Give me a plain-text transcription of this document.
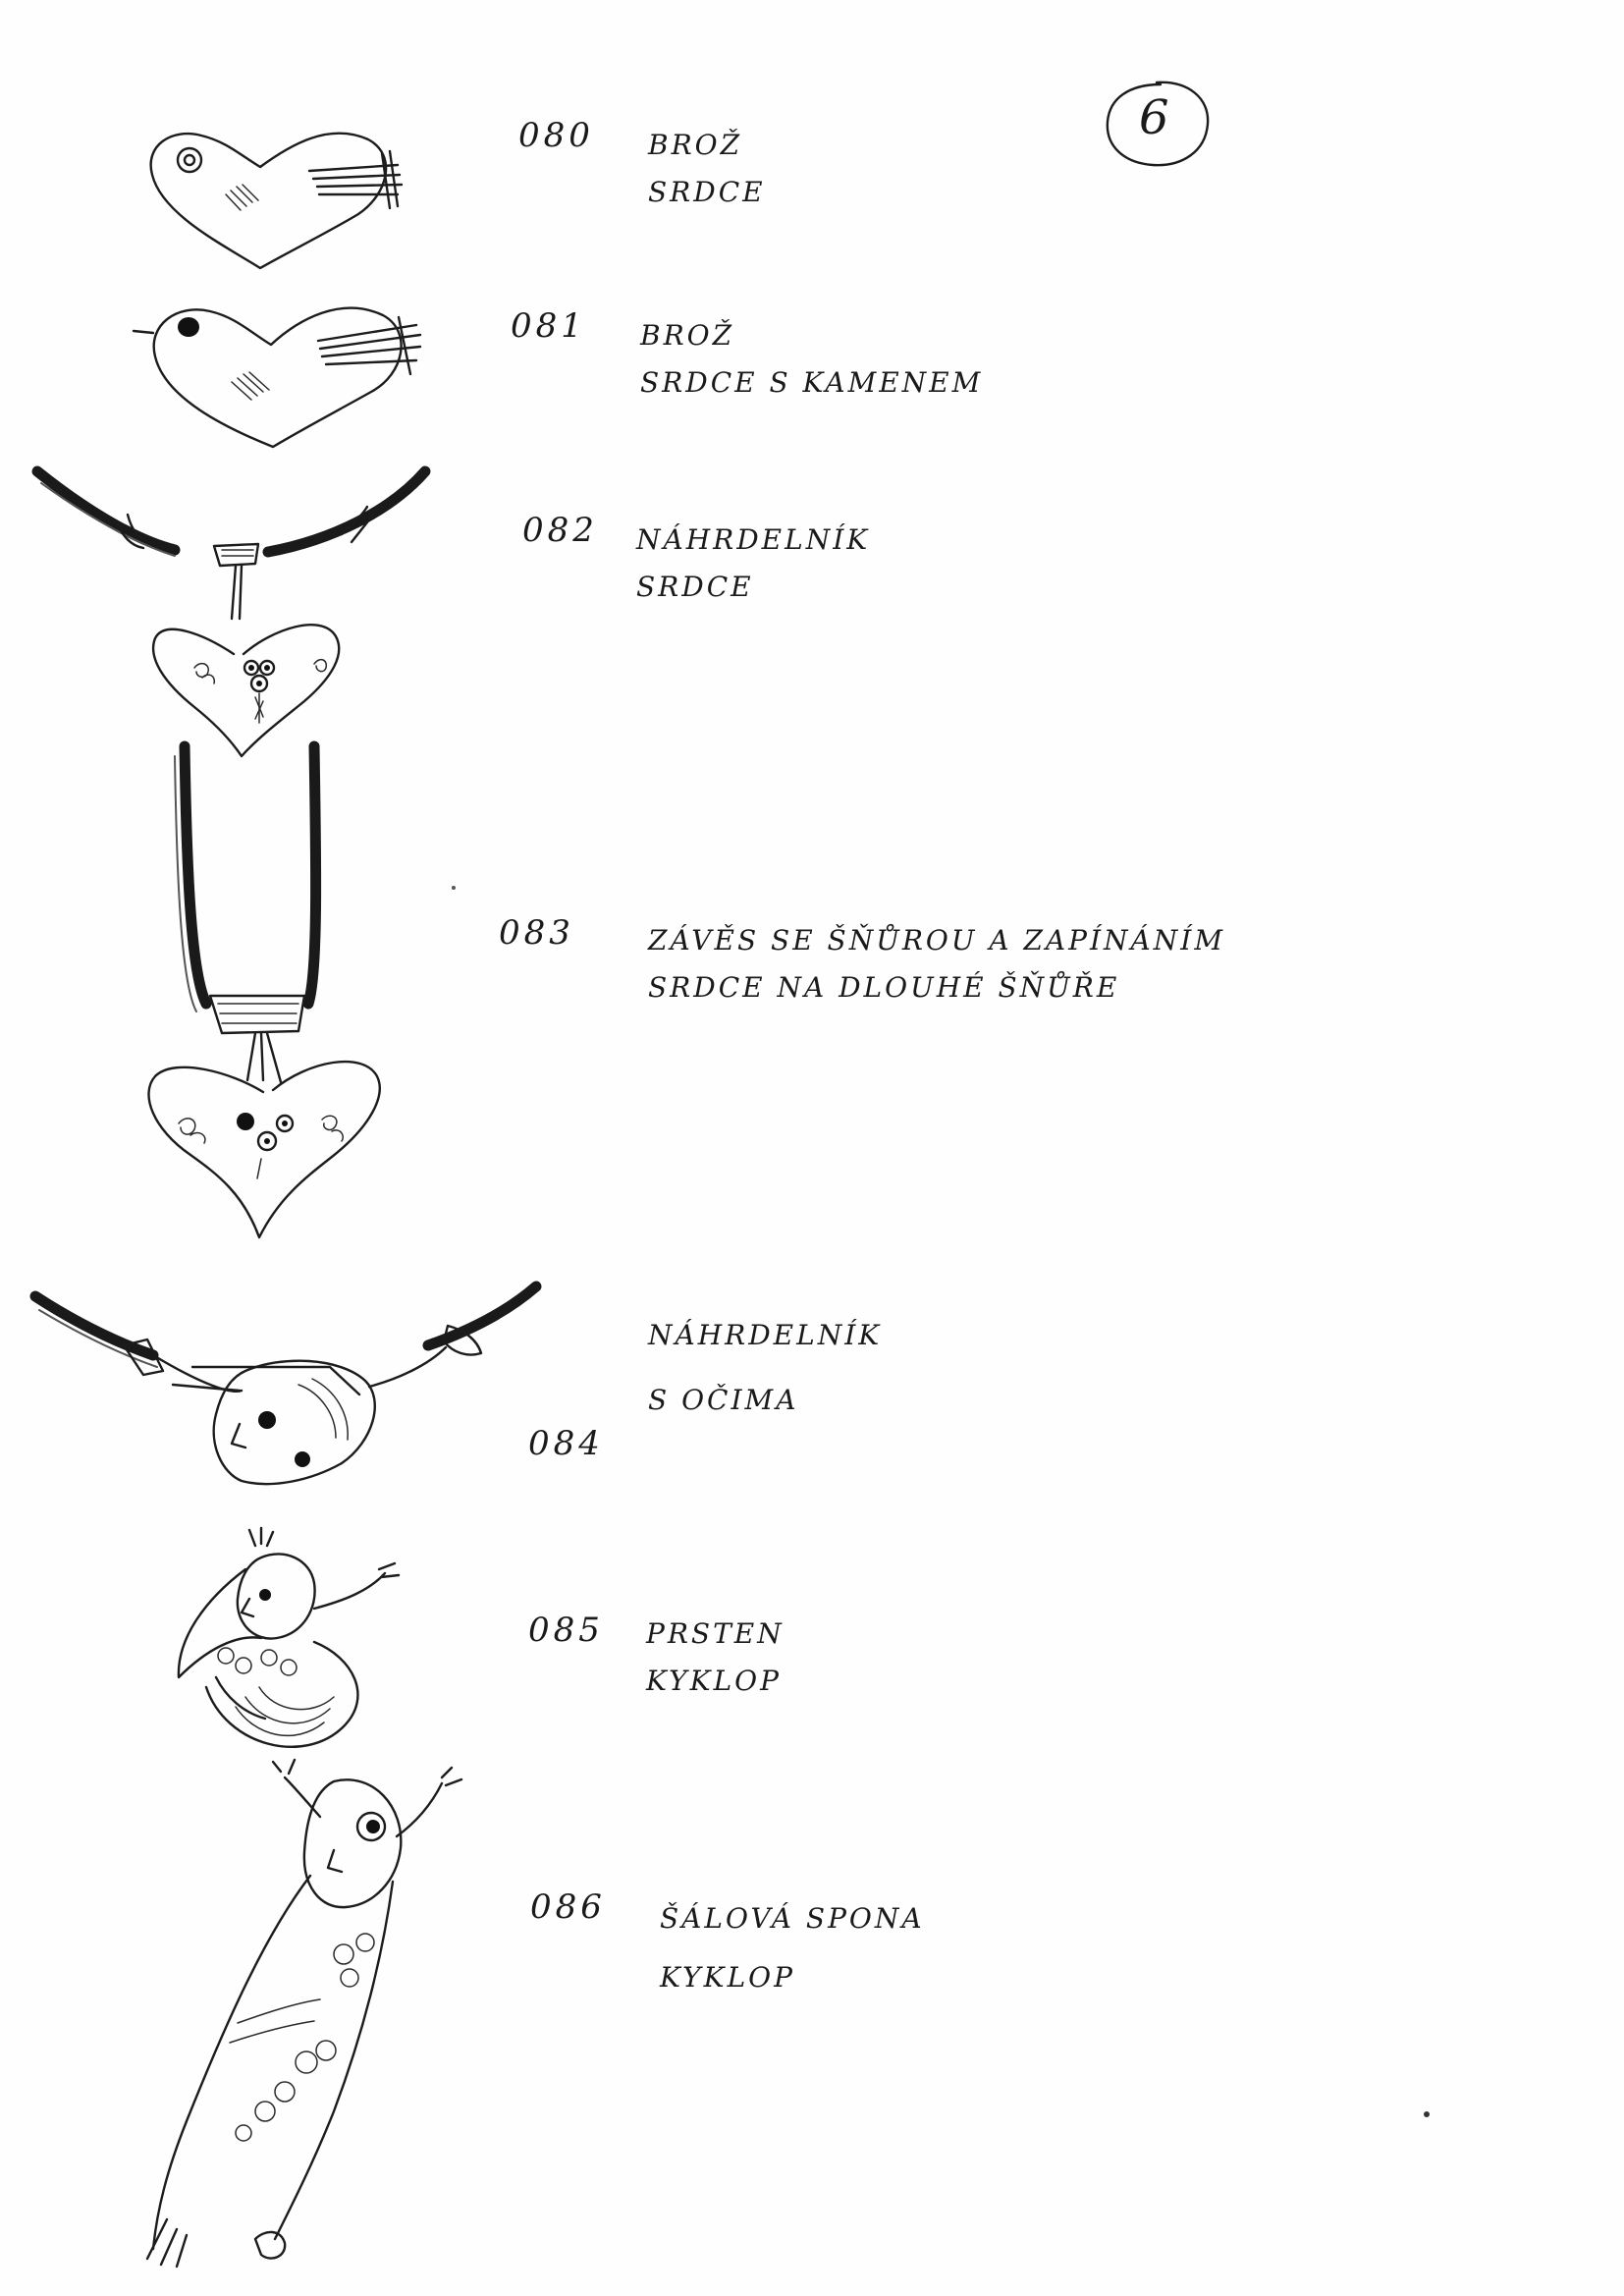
6
080 BROŽ
SRDCE
081 BROŽ
SRDCE S KAMENEM
082 NÁHRDELNÍK
SRDCE
083	ZÁVĚS SE ŠŇŮROU A ZAPÍNÁNÍM
SRDCE NA DLOUHÉ ŠŇŮŘE
084
NÁHRDELNÍK
S OČIMA
085 PRSTEN
KYKLOP
086 ŠÁLOVÁ SPONA
KYKLOP
